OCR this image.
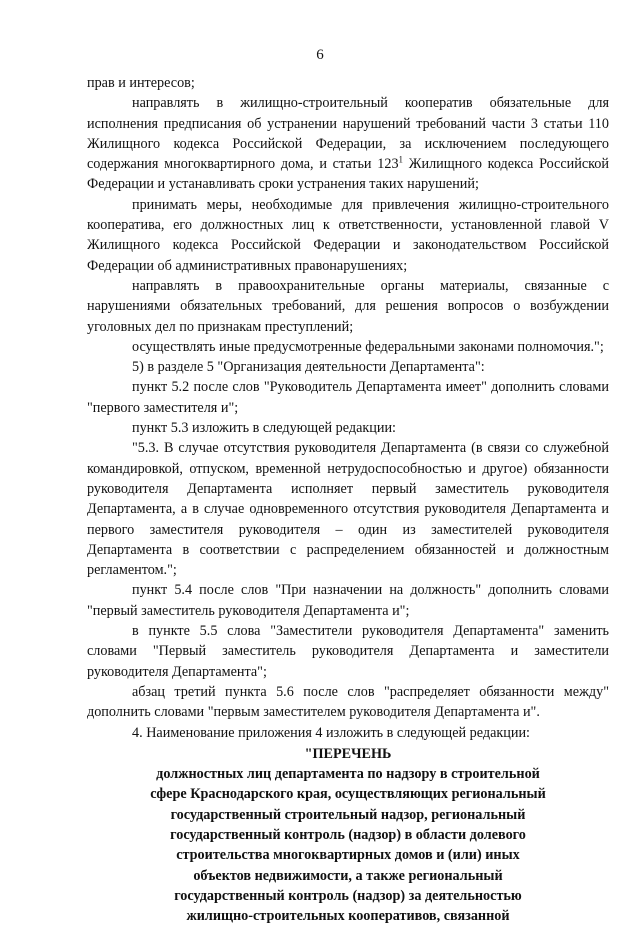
6

прав и интересов;

направлять в жилищно-строительный кооператив обязательные для исполнения предписания об устранении нарушений требований части 3 статьи 110 Жилищного кодекса Российской Федерации, за исключением последующего содержания многоквартирного дома, и статьи $123^1$ Жилищного кодекса Российской Федерации и устанавливать сроки устранения таких нарушений;

принимать меры, необходимые для привлечения жилищно-строительного кооператива, его должностных лиц к ответственности, установленной главой V Жилищного кодекса Российской Федерации и законодательством Российской Федерации об административных правонарушениях;

направлять в правоохранительные органы материалы, связанные с нарушениями обязательных требований, для решения вопросов о возбуждении уголовных дел по признакам преступлений;

осуществлять иные предусмотренные федеральными законами полномочия.";

5) в разделе 5 "Организация деятельности Департамента":

пункт 5.2 после слов "Руководитель Департамента имеет" дополнить словами "первого заместителя и";

пункт 5.3 изложить в следующей редакции:

"5.3. В случае отсутствия руководителя Департамента (в связи со служебной командировкой, отпуском, временной нетрудоспособностью и другое) обязанности руководителя Департамента исполняет первый заместитель руководителя Департамента, а в случае одновременного отсутствия руководителя Департамента и первого заместителя руководителя – один из заместителей руководителя Департамента в соответствии с распределением обязанностей и должностным регламентом.";

пункт 5.4 после слов "При назначении на должность" дополнить словами "первый заместитель руководителя Департамента и";

в пункте 5.5 слова "Заместители руководителя Департамента" заменить словами "Первый заместитель руководителя Департамента и заместители руководителя Департамента";

абзац третий пункта 5.6 после слов "распределяет обязанности между" дополнить словами "первым заместителем руководителя Департамента и".

4. Наименование приложения 4 изложить в следующей редакции:

"ПЕРЕЧЕНЬ

должностных лиц департамента по надзору в строительной

сфере Краснодарского края, осуществляющих региональный

государственный строительный надзор, региональный

государственный контроль (надзор) в области долевого

строительства многоквартирных домов и (или) иных

объектов недвижимости, а также региональный

государственный контроль (надзор) за деятельностью

жилищно-строительных кооперативов, связанной
